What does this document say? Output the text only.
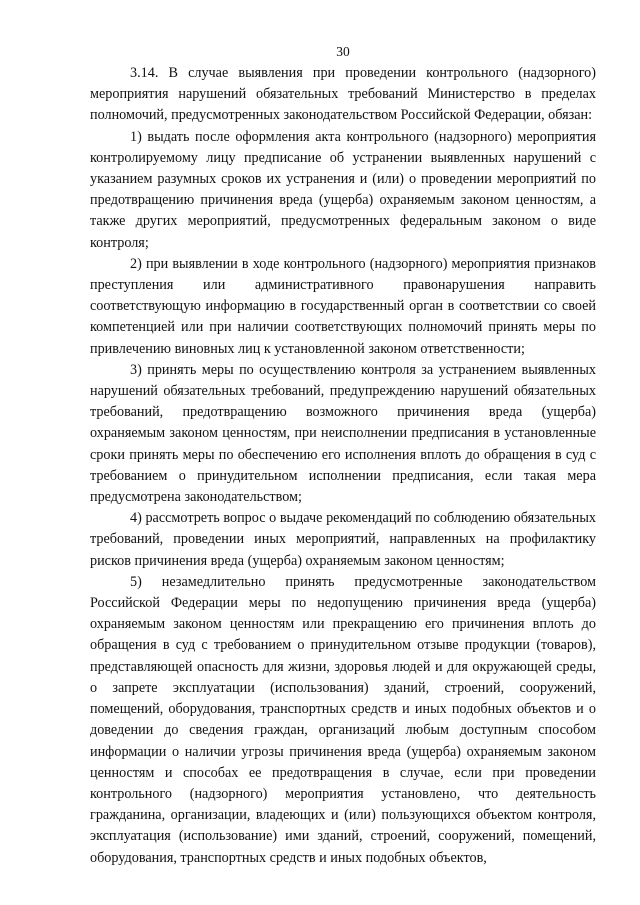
30

3.14. В случае выявления при проведении контрольного (надзорного) мероприятия нарушений обязательных требований Министерство в пределах полномочий, предусмотренных законодательством Российской Федерации, обязан:

1) выдать после оформления акта контрольного (надзорного) мероприятия контролируемому лицу предписание об устранении выявленных нарушений с указанием разумных сроков их устранения и (или) о проведении мероприятий по предотвращению причинения вреда (ущерба) охраняемым законом ценностям, а также других мероприятий, предусмотренных федеральным законом о виде контроля;

2) при выявлении в ходе контрольного (надзорного) мероприятия признаков преступления или административного правонарушения направить соответствующую информацию в государственный орган в соответствии со своей компетенцией или при наличии соответствующих полномочий принять меры по привлечению виновных лиц к установленной законом ответственности;

3) принять меры по осуществлению контроля за устранением выявленных нарушений обязательных требований, предупреждению нарушений обязательных требований, предотвращению возможного причинения вреда (ущерба) охраняемым законом ценностям, при неисполнении предписания в установленные сроки принять меры по обеспечению его исполнения вплоть до обращения в суд с требованием о принудительном исполнении предписания, если такая мера предусмотрена законодательством;

4) рассмотреть вопрос о выдаче рекомендаций по соблюдению обязательных требований, проведении иных мероприятий, направленных на профилактику рисков причинения вреда (ущерба) охраняемым законом ценностям;

5) незамедлительно принять предусмотренные законодательством Российской Федерации меры по недопущению причинения вреда (ущерба) охраняемым законом ценностям или прекращению его причинения вплоть до обращения в суд с требованием о принудительном отзыве продукции (товаров), представляющей опасность для жизни, здоровья людей и для окружающей среды, о запрете эксплуатации (использования) зданий, строений, сооружений, помещений, оборудования, транспортных средств и иных подобных объектов и о доведении до сведения граждан, организаций любым доступным способом информации о наличии угрозы причинения вреда (ущерба) охраняемым законом ценностям и способах ее предотвращения в случае, если при проведении контрольного (надзорного) мероприятия установлено, что деятельность гражданина, организации, владеющих и (или) пользующихся объектом контроля, эксплуатация (использование) ими зданий, строений, сооружений, помещений, оборудования, транспортных средств и иных подобных объектов,
